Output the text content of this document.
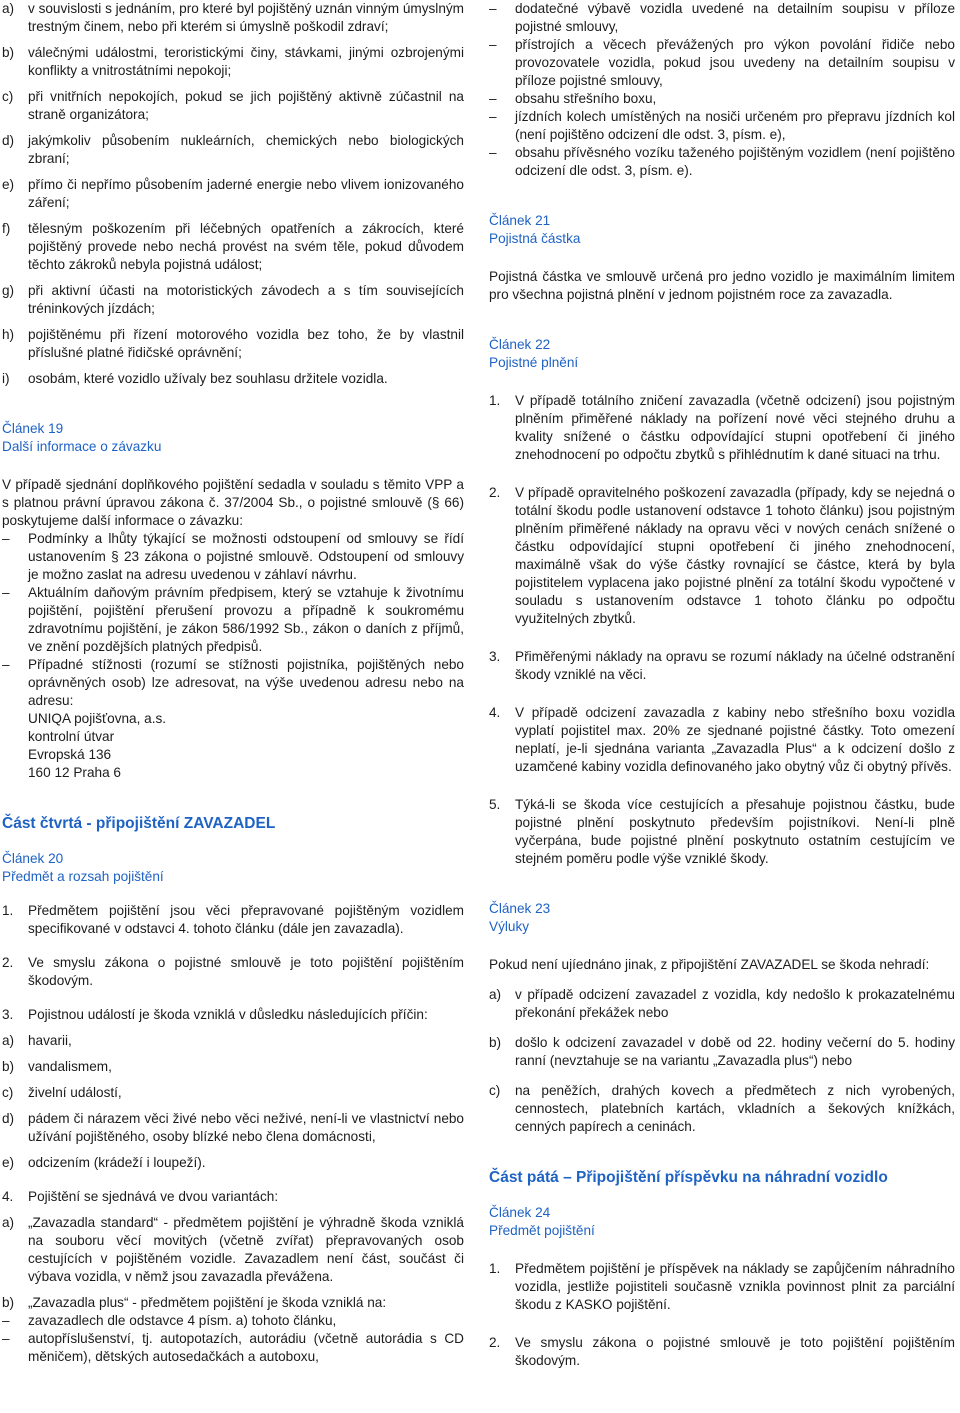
a)	v souvislosti s jednáním, pro které byl pojištěný uznán vinným úmyslným trestným činem, nebo při kterém si úmyslně poškodil zdraví;
b)	válečnými událostmi, teroristickými činy, stávkami, jinými ozbrojenými konflikty a vnitrostátními nepokoji;
c)	při vnitřních nepokojích, pokud se jich pojištěný aktivně zúčastnil na straně organizátora;
d)	jakýmkoliv působením nukleárních, chemických nebo biologických zbraní;
e)	přímo či nepřímo působením jaderné energie nebo vlivem ionizovaného záření;
f)	tělesným poškozením při léčebných opatřeních a zákrocích, které pojištěný provede nebo nechá provést na svém těle, pokud důvodem těchto zákroků nebyla pojistná událost;
g)	při aktivní účasti na motoristických závodech a s tím souvisejících tréninkových jízdách;
h)	pojištěnému při řízení motorového vozidla bez toho, že by vlastnil příslušné platné řidičské oprávnění;
i)	osobám, které vozidlo užívaly bez souhlasu držitele vozidla.
Článek 19
Další informace o závazku
V případě sjednání doplňkového pojištění sedadla v souladu s těmito VPP a s platnou právní úpravou zákona č. 37/2004 Sb., o pojistné smlouvě (§ 66) poskytujeme další informace o závazku:
–	Podmínky a lhůty týkající se možnosti odstoupení od smlouvy se řídí ustanovením § 23 zákona o pojistné smlouvě. Odstoupení od smlouvy je možno zaslat na adresu uvedenou v záhlaví návrhu.
–	Aktuálním daňovým právním předpisem, který se vztahuje k životnímu pojištění, pojištění přerušení provozu a případně k soukromému zdravotnímu pojištění, je zákon 586/1992 Sb., zákon o daních z příjmů, ve znění pozdějších platných předpisů.
–	Případné stížnosti (rozumí se stížnosti pojistníka, pojištěných nebo oprávněných osob) lze adresovat, na výše uvedenou adresu nebo na adresu:
UNIQA pojišťovna, a.s.
kontrolní útvar
Evropská 136
160 12 Praha 6
Část čtvrtá - připojištění ZAVAZADEL
Článek 20
Předmět a rozsah pojištění
1.	Předmětem pojištění jsou věci přepravované pojištěným vozidlem specifikované v odstavci 4. tohoto článku (dále jen zavazadla).
2.	Ve smyslu zákona o pojistné smlouvě je toto pojištění pojištěním škodovým.
3.	Pojistnou událostí je škoda vzniklá v důsledku následujících příčin:
a)	havarii,
b)	vandalismem,
c)	živelní událostí,
d)	pádem či nárazem věci živé nebo věci neživé, není-li ve vlastnictví nebo užívání pojištěného, osoby blízké nebo člena domácnosti,
e)	odcizením (krádeží i loupeží).
4.	Pojištění se sjednává ve dvou variantách:
a)	„Zavazadla standard“ - předmětem pojištění je výhradně škoda vzniklá na souboru věcí movitých (včetně zvířat) přepravovaných osob cestujících v pojištěném vozidle. Zavazadlem není část, součást či výbava vozidla, v němž jsou zavazadla převážena.
b)	„Zavazadla plus“ - předmětem pojištění je škoda vzniklá na:
–	zavazadlech dle odstavce 4 písm. a) tohoto článku,
–	autopříslušenství, tj. autopotazích, autorádiu (včetně autorádia s CD měničem), dětských autosedačkách a autoboxu,
–	dodatečné výbavě vozidla uvedené na detailním soupisu v příloze pojistné smlouvy,
–	přístrojích a věcech převážených pro výkon povolání řidiče nebo provozovatele vozidla, pokud jsou uvedeny na detailním soupisu v příloze pojistné smlouvy,
–	obsahu střešního boxu,
–	jízdních kolech umístěných na nosiči určeném pro přepravu jízdních kol (není pojištěno odcizení dle odst. 3, písm. e),
–	obsahu přívěsného vozíku taženého pojištěným vozidlem (není pojištěno odcizení dle odst. 3, písm. e).
Článek 21
Pojistná částka
Pojistná částka ve smlouvě určená pro jedno vozidlo je maximálním limitem pro všechna pojistná plnění v jednom pojistném roce za zavazadla.
Článek 22
Pojistné plnění
1.	V případě totálního zničení zavazadla (včetně odcizení) jsou pojistným plněním přiměřené náklady na pořízení nové věci stejného druhu a kvality snížené o částku odpovídající stupni opotřebení či jiného znehodnocení po odpočtu zbytků s přihlédnutím k dané situaci na trhu.
2.	V případě opravitelného poškození zavazadla (případy, kdy se nejedná o totální škodu podle ustanovení odstavce 1 tohoto článku) jsou pojistným plněním přiměřené náklady na opravu věci v nových cenách snížené o částku odpovídající stupni opotřebení či jiného znehodnocení, maximálně však do výše částky rovnající se částce, která by byla pojistitelem vyplacena jako pojistné plnění za totální škodu vypočtené v souladu s ustanovením odstavce 1 tohoto článku po odpočtu využitelných zbytků.
3.	Přiměřenými náklady na opravu se rozumí náklady na účelné odstranění škody vzniklé na věci.
4.	V případě odcizení zavazadla z kabiny nebo střešního boxu vozidla vyplatí pojistitel max. 20% ze sjednané pojistné částky. Toto omezení neplatí, je-li sjednána varianta „Zavazadla Plus“ a k odcizení došlo z uzamčené kabiny vozidla definovaného jako obytný vůz či obytný přívěs.
5.	Týká-li se škoda více cestujících a přesahuje pojistnou částku, bude pojistné plnění poskytnuto především pojistníkovi. Není-li plně vyčerpána, bude pojistné plnění poskytnuto ostatním cestujícím ve stejném poměru podle výše vzniklé škody.
Článek 23
Výluky
Pokud není ujíednáno jinak, z připojištění ZAVAZADEL se škoda nehradí:
a)	v případě odcizení zavazadel z vozidla, kdy nedošlo k prokazatelnému překonání překážek nebo
b)	došlo k odcizení zavazadel v době od 22. hodiny večerní do 5. hodiny ranní (nevztahuje se na variantu „Zavazadla plus“) nebo
c)	na peněžích, drahých kovech a předmětech z nich vyrobených, cennostech, platebních kartách, vkladních a šekových knížkách, cenných papírech a ceninách.
Část pátá – Připojištění příspěvku na náhradní vozidlo
Článek 24
Předmět pojištění
1.	Předmětem pojištění je příspěvek na náklady se zapůjčením náhradního vozidla, jestliže pojistiteli současně vznikla povinnost plnit za parciální škodu z KASKO pojištění.
2.	Ve smyslu zákona o pojistné smlouvě je toto pojištění pojištěním škodovým.
